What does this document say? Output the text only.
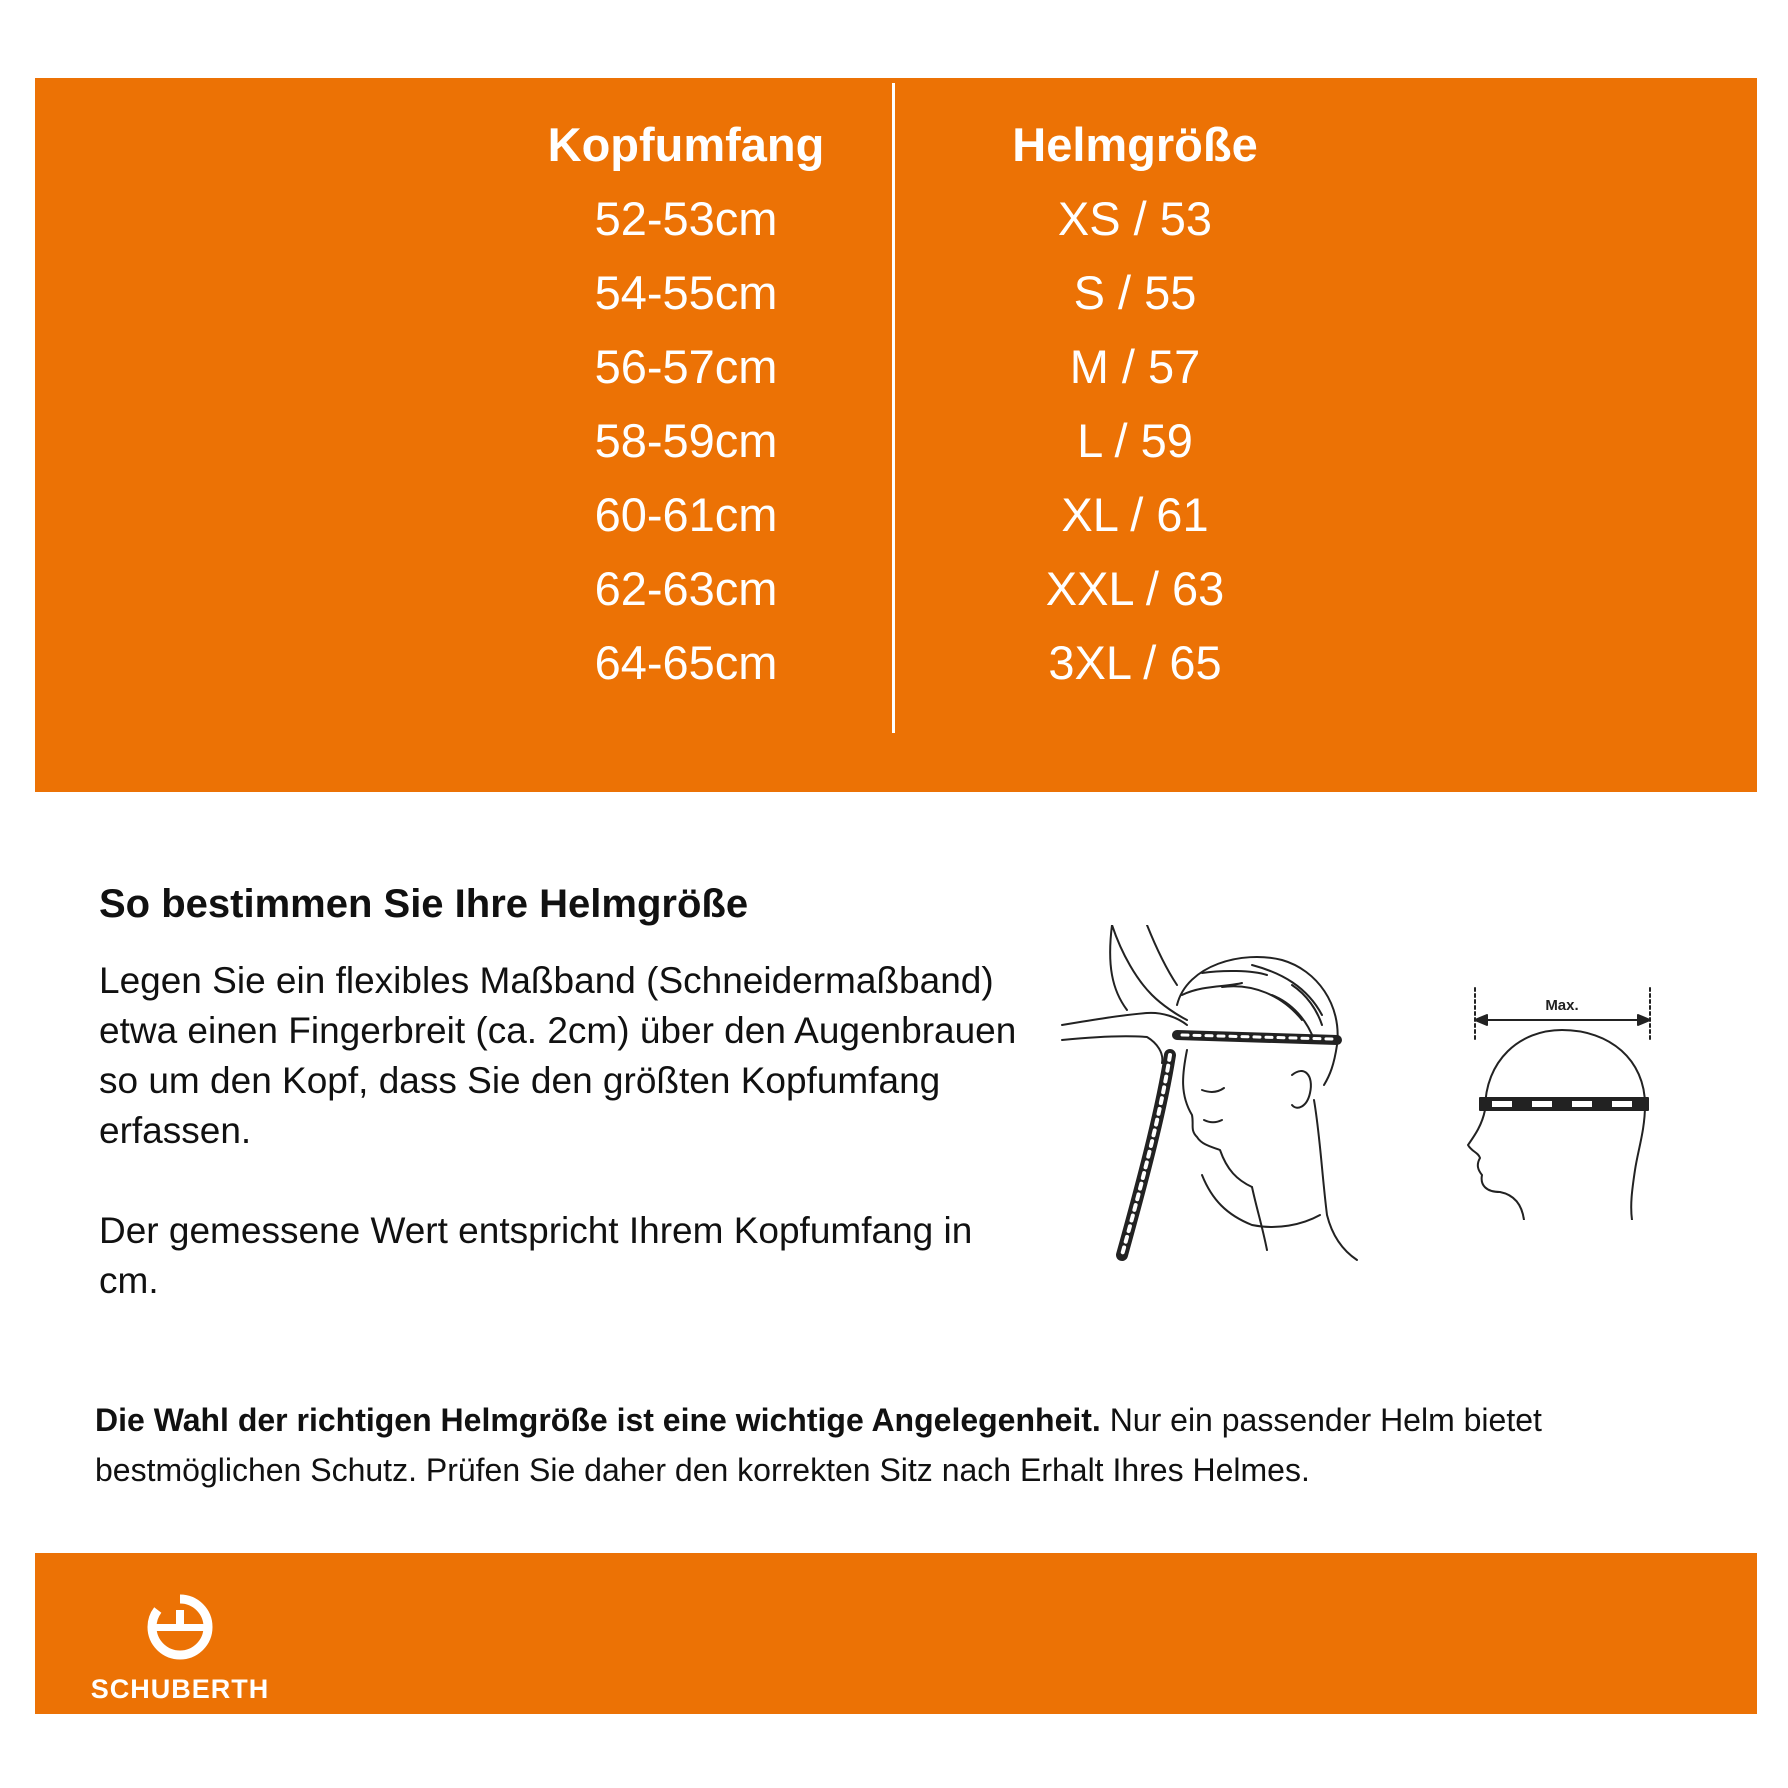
Kopfumfang
52-53cm
54-55cm
56-57cm
58-59cm
60-61cm
62-63cm
64-65cm
Helmgröße
XS / 53
S / 55
M / 57
L / 59
XL / 61
XXL / 63
3XL / 65
So bestimmen Sie Ihre Helmgröße

Legen Sie ein flexibles Maßband (Schneidermaßband) etwa einen Fingerbreit (ca. 2cm) über den Augenbrauen so um den Kopf, dass Sie den größten Kopfumfang erfassen.

Der gemessene Wert entspricht Ihrem Kopfumfang in cm.

Max.
Die Wahl der richtigen Helmgröße ist eine wichtige Angelegenheit. Nur ein passender Helm bietet bestmöglichen Schutz. Prüfen Sie daher den korrekten Sitz nach Erhalt Ihres Helmes.
SCHUBERTH
